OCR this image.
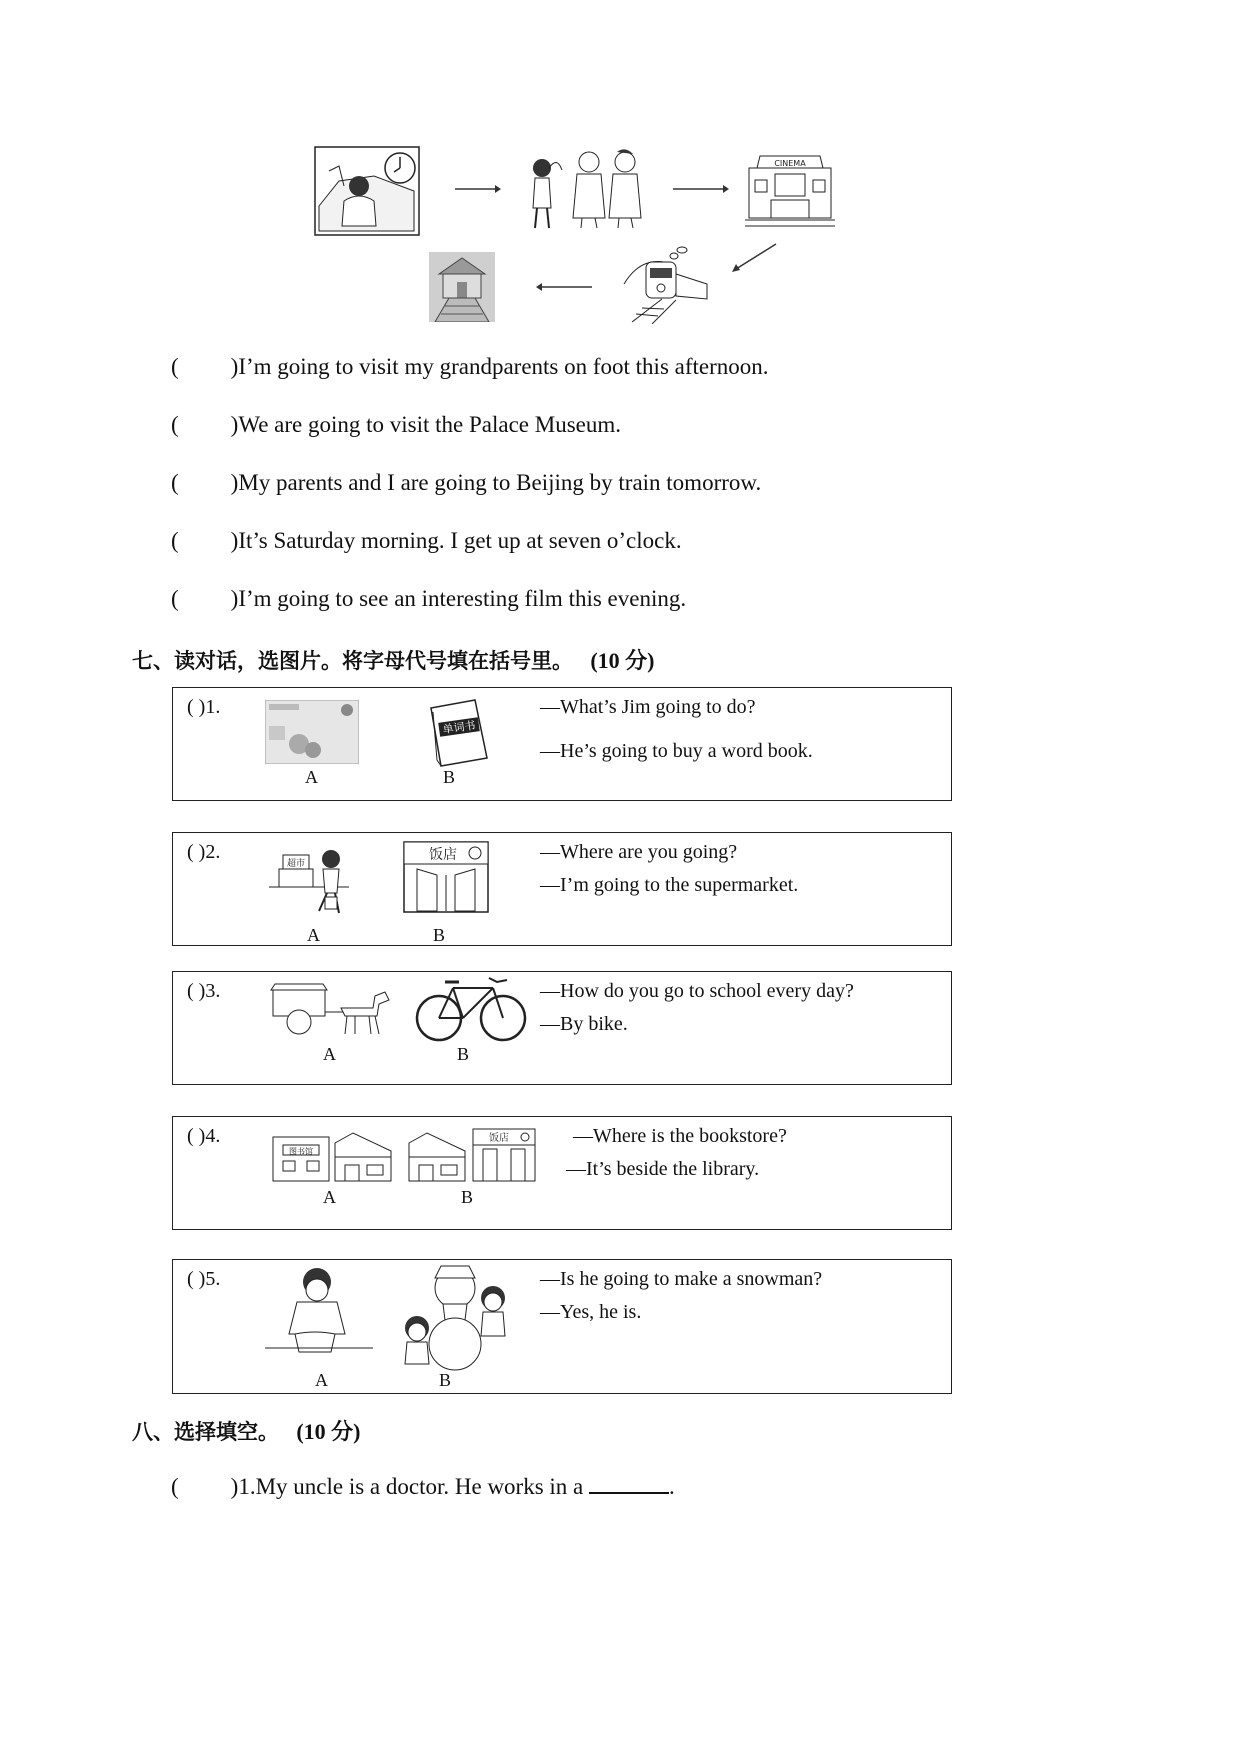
CINEMA
( )I’m going to visit my grandparents on foot this afternoon.
( )We are going to visit the Palace Museum.
( )My parents and I are going to Beijing by train tomorrow.
( )It’s Saturday morning. I get up at seven o’clock.
( )I’m going to see an interesting film this evening.
七、读对话，选图片。将字母代号填在括号里。 (10 分)
( )1.
单词书
A	B
—What’s Jim going to do?
—He’s going to buy a word book.
( )2.
超市
饭店
A	B
—Where are you going?
—I’m going to the supermarket.
( )3.
A	B
—How do you go to school every day?
—By bike.
( )4.
图书馆
饭店
A	B
—Where is the bookstore?
—It’s beside the library.
( )5.
A	B
—Is he going to make a snowman?
—Yes, he is.
八、选择填空。 (10 分)
( )1.My uncle is a doctor. He works in a	.
